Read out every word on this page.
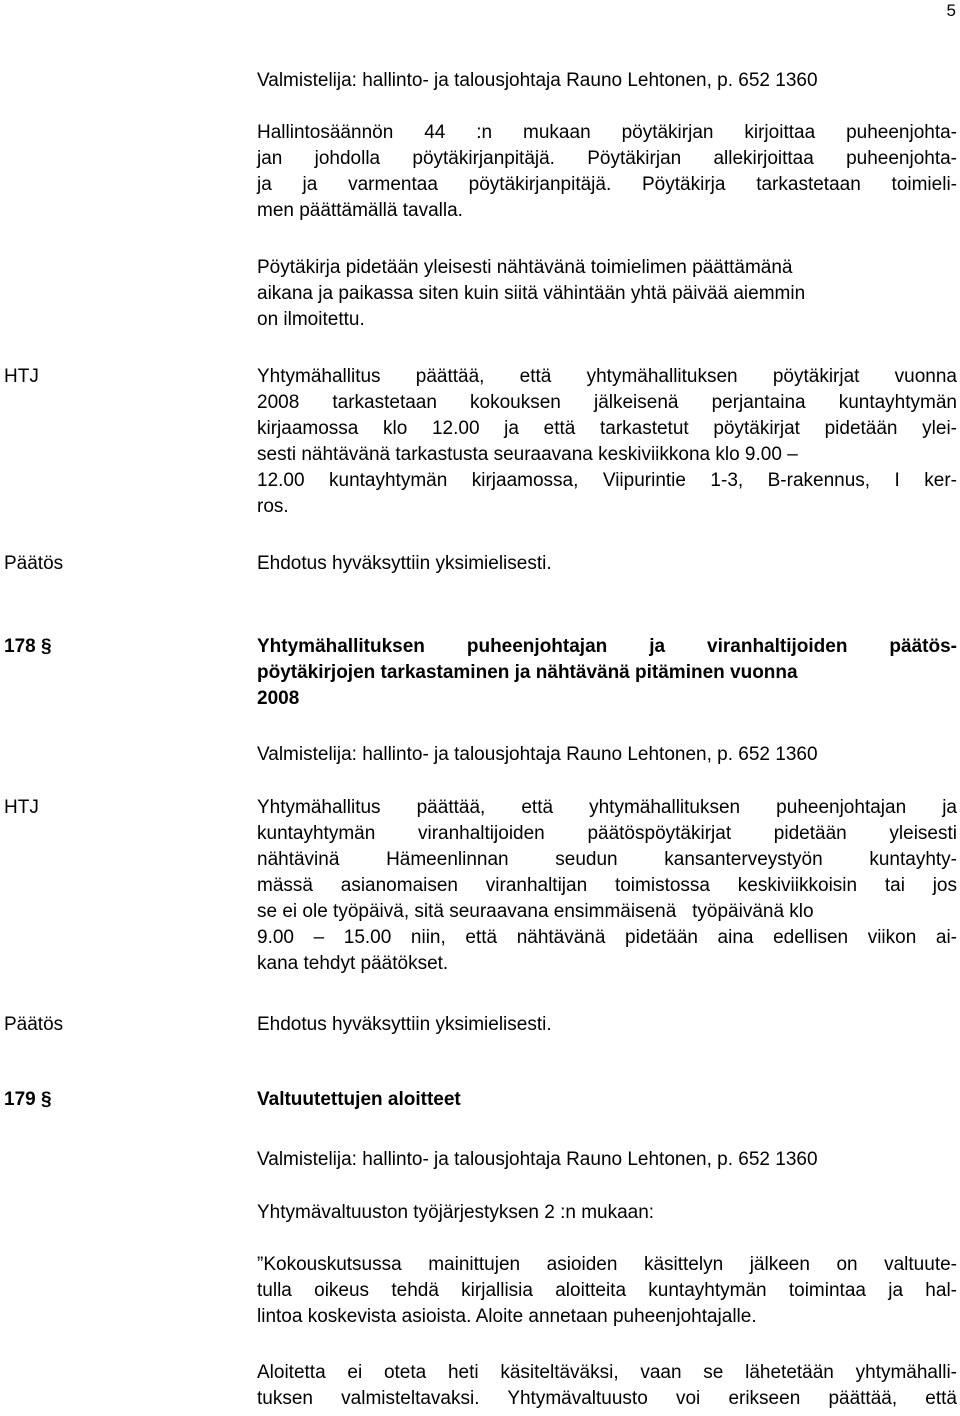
5
Valmistelija: hallinto- ja talousjohtaja Rauno Lehtonen, p. 652 1360
Hallintosäännön 44 :n mukaan pöytäkirjan kirjoittaa puheenjohta-
jan johdolla pöytäkirjanpitäjä. Pöytäkirjan allekirjoittaa puheenjohta-
ja ja varmentaa pöytäkirjanpitäjä. Pöytäkirja tarkastetaan toimieli-
men päättämällä tavalla.
Pöytäkirja pidetään yleisesti nähtävänä toimielimen päättämänä
aikana ja paikassa siten kuin siitä vähintään yhtä päivää aiemmin
on ilmoitettu.
HTJ	Yhtymähallitus päättää, että yhtymähallituksen pöytäkirjat vuonna
2008 tarkastetaan kokouksen jälkeisenä perjantaina kuntayhtymän
kirjaamossa klo 12.00 ja että tarkastetut pöytäkirjat pidetään ylei-
sesti nähtävänä tarkastusta seuraavana keskiviikkona klo 9.00 –
12.00 kuntayhtymän kirjaamossa, Viipurintie 1-3, B-rakennus, I ker-
ros.
Päätös	Ehdotus hyväksyttiin yksimielisesti.
178 §	Yhtymähallituksen puheenjohtajan ja viranhaltijoiden päätös-
pöytäkirjojen tarkastaminen ja nähtävänä pitäminen vuonna
2008
Valmistelija: hallinto- ja talousjohtaja Rauno Lehtonen, p. 652 1360
HTJ	Yhtymähallitus päättää, että yhtymähallituksen puheenjohtajan ja
kuntayhtymän viranhaltijoiden päätöspöytäkirjat pidetään yleisesti
nähtävinä Hämeenlinnan seudun kansanterveystyön kuntayhty-
mässä asianomaisen viranhaltijan toimistossa keskiviikkoisin tai jos
se ei ole työpäivä, sitä seuraavana ensimmäisenä   työpäivänä klo
9.00 – 15.00 niin, että nähtävänä pidetään aina edellisen viikon ai-
kana tehdyt päätökset.
Päätös	Ehdotus hyväksyttiin yksimielisesti.
179 §	Valtuutettujen aloitteet
Valmistelija: hallinto- ja talousjohtaja Rauno Lehtonen, p. 652 1360
Yhtymävaltuuston työjärjestyksen 2 :n mukaan:
”Kokouskutsussa mainittujen asioiden käsittelyn jälkeen on valtuute-
tulla oikeus tehdä kirjallisia aloitteita kuntayhtymän toimintaa ja hal-
lintoa koskevista asioista. Aloite annetaan puheenjohtajalle.
Aloitetta ei oteta heti käsiteltäväksi, vaan se lähetetään yhtymähalli-
tuksen valmisteltavaksi. Yhtymävaltuusto voi erikseen päättää, että
